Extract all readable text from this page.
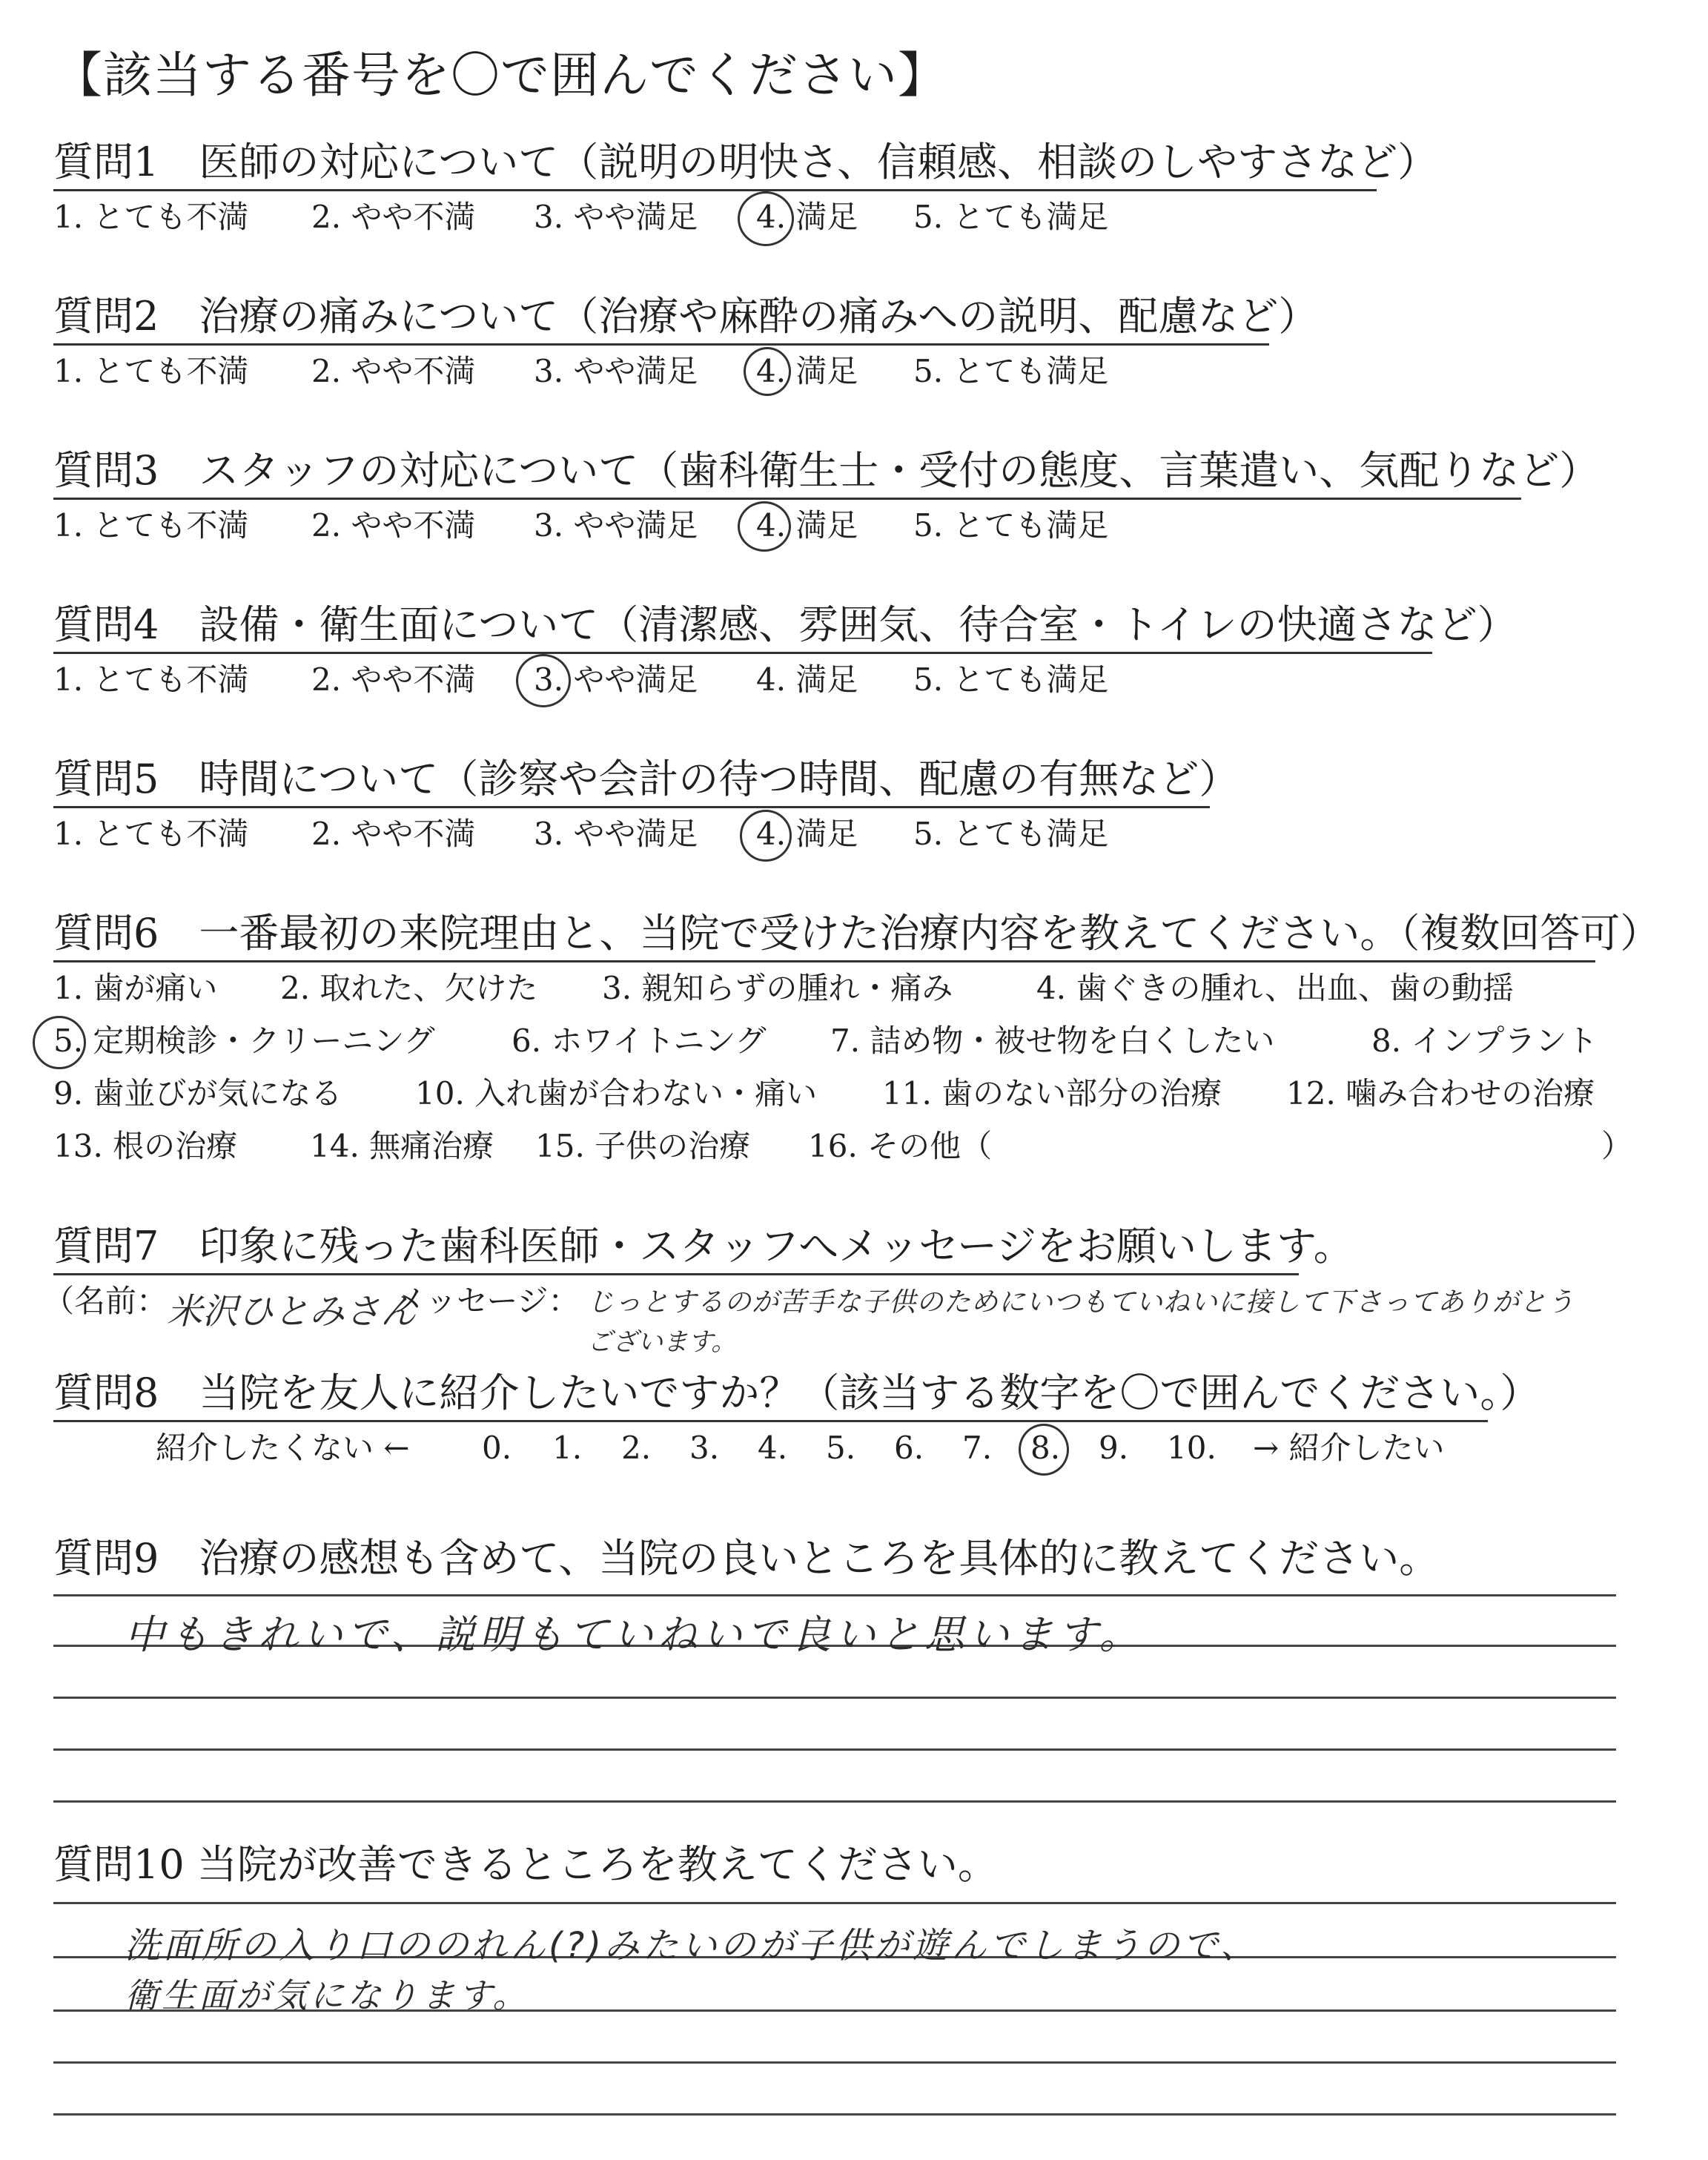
【該当する番号を〇で囲んでください】
質問1　医師の対応について（説明の明快さ、信頼感、相談のしやすさなど）
1. とても不満 2. やや不満 3. やや満足 4. 満足 5. とても満足
質問2　治療の痛みについて（治療や麻酔の痛みへの説明、配慮など）
1. とても不満 2. やや不満 3. やや満足 4. 満足 5. とても満足
質問3　スタッフの対応について（歯科衛生士・受付の態度、言葉遣い、気配りなど）
1. とても不満 2. やや不満 3. やや満足 4. 満足 5. とても満足
質問4　設備・衛生面について（清潔感、雰囲気、待合室・トイレの快適さなど）
1. とても不満 2. やや不満 3. やや満足 4. 満足 5. とても満足
質問5　時間について（診察や会計の待つ時間、配慮の有無など）
1. とても不満 2. やや不満 3. やや満足 4. 満足 5. とても満足
質問6　一番最初の来院理由と、当院で受けた治療内容を教えてください。（複数回答可）
1. 歯が痛い 2. 取れた、欠けた 3. 親知らずの腫れ・痛み	4. 歯ぐきの腫れ、出血、歯の動揺
5. 定期検診・クリーニング 6. ホワイトニング 7. 詰め物・被せ物を白くしたい	8. インプラント
9. 歯並びが気になる 10. 入れ歯が合わない・痛い 11. 歯のない部分の治療 12. 噛み合わせの治療
13. 根の治療 14. 無痛治療 15. 子供の治療 16. その他（	）
質問7　印象に残った歯科医師・スタッフへメッセージをお願いします。
（名前：
米沢ひとみさん
メッセージ： じっとするのが苦手な子供のためにいつもていねいに接して下さってありがとう
ございます。
質問8　当院を友人に紹介したいですか？（該当する数字を〇で囲んでください。）
紹介したくない ← 0. 1. 2. 3. 4. 5. 6. 7. 8. 9. 10. → 紹介したい
質問9　治療の感想も含めて、当院の良いところを具体的に教えてください。
中もきれいで、説明もていねいで良いと思います。
質問10 当院が改善できるところを教えてください。
洗面所の入り口ののれん(?)みたいのが子供が遊んでしまうので、
衛生面が気になります。
